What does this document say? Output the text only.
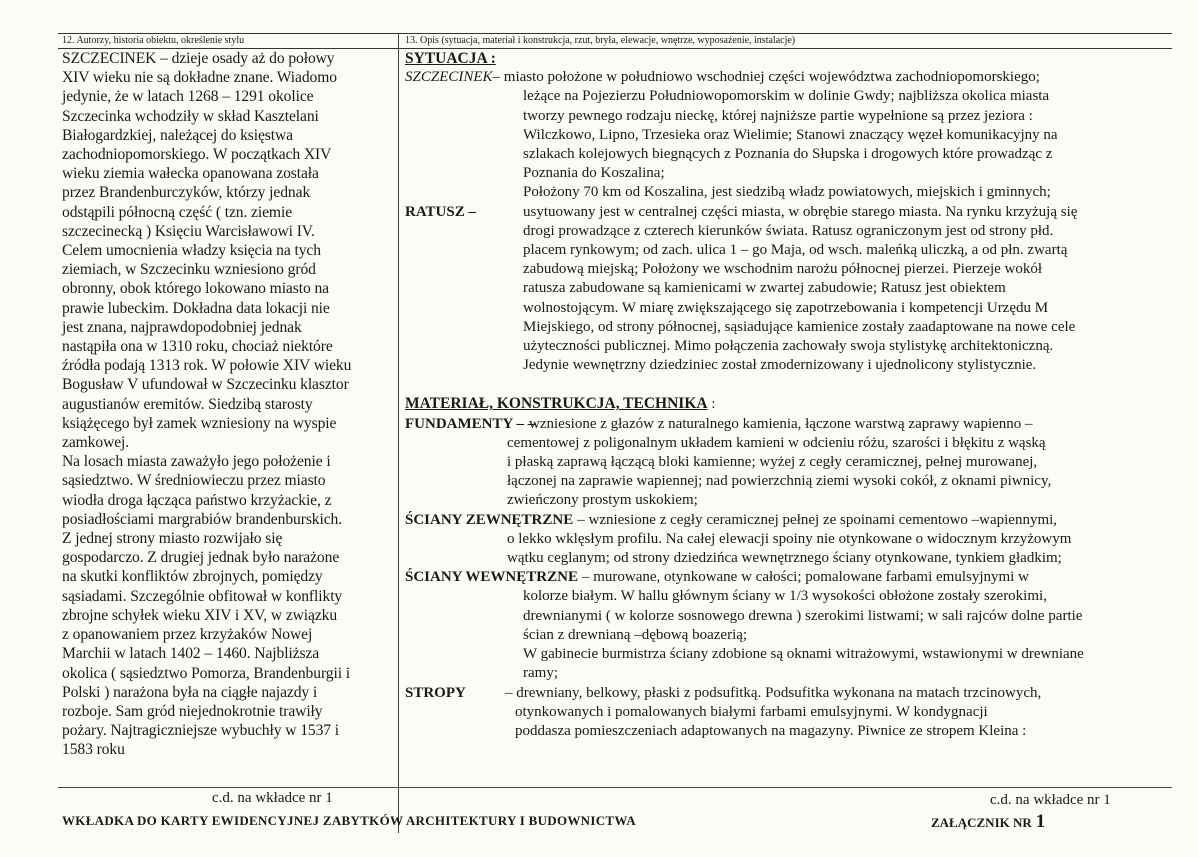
12. Autorzy, historia obiektu, określenie stylu	13. Opis (sytuacja, materiał i konstrukcja, rzut, bryła, elewacje, wnętrze, wyposażenie, instalacje)

SZCZECINEK – dzieje osady aż do połowy

XIV wieku nie są dokładne znane. Wiadomo

jedynie, że w latach 1268 – 1291 okolice

Szczecinka wchodziły w skład Kasztelani

Białogardzkiej, należącej do księstwa

zachodniopomorskiego. W początkach XIV

wieku ziemia wałecka opanowana została

przez Brandenburczyków, którzy jednak

odstąpili północną część ( tzn. ziemie

szczecinecką ) Księciu Warcisławowi IV.

Celem umocnienia władzy księcia na tych

ziemiach, w Szczecinku wzniesiono gród

obronny, obok którego lokowano miasto na

prawie lubeckim. Dokładna data lokacji nie

jest znana, najprawdopodobniej jednak

nastąpiła ona w 1310 roku, chociaż niektóre

źródła podają 1313 rok. W połowie XIV wieku

Bogusław V ufundował w Szczecinku klasztor

augustianów eremitów. Siedzibą starosty

książęcego był zamek wzniesiony na wyspie

zamkowej.

Na losach miasta zaważyło jego położenie i

sąsiedztwo. W średniowieczu przez miasto

wiodła droga łącząca państwo krzyżackie, z

posiadłościami margrabiów brandenburskich.

Z jednej strony miasto rozwijało się

gospodarczo. Z drugiej jednak było narażone

na skutki konfliktów zbrojnych, pomiędzy

sąsiadami. Szczególnie obfitował w konflikty

zbrojne schyłek wieku XIV i XV, w związku

z opanowaniem przez krzyżaków Nowej

Marchii w latach 1402 – 1460. Najbliższa

okolica ( sąsiedztwo Pomorza, Brandenburgii i

Polski ) narażona była na ciągłe najazdy i

rozboje. Sam gród niejednokrotnie trawiły

pożary. Najtragiczniejsze wybuchły w 1537 i

1583 roku

c.d. na wkładce nr 1
SYTUACJA :
SZCZECINEK – miasto położone w południowo wschodniej części województwa zachodniopomorskiego;
leżące na Pojezierzu Południowopomorskim w dolinie Gwdy; najbliższa okolica miasta
tworzy pewnego rodzaju nieckę, której najniższe partie wypełnione są przez jeziora :
Wilczkowo, Lipno, Trzesieka oraz Wielimie; Stanowi znaczący węzeł komunikacyjny na
szlakach kolejowych biegnących z Poznania do Słupska i drogowych które prowadząc z
Poznania do Koszalina;
Położony 70 km od Koszalina, jest siedzibą władz powiatowych, miejskich i gminnych;
RATUSZ –	usytuowany jest w centralnej części miasta, w obrębie starego miasta. Na rynku krzyżują się
drogi prowadzące z czterech kierunków świata. Ratusz ograniczonym jest od strony płd.
placem rynkowym; od zach. ulica 1 – go Maja, od wsch. maleńką uliczką, a od płn. zwartą
zabudową miejską; Położony we wschodnim narożu północnej pierzei. Pierzeje wokół
ratusza zabudowane są kamienicami w zwartej zabudowie; Ratusz jest obiektem
wolnostojącym. W miarę zwiększającego się zapotrzebowania i kompetencji Urzędu M
Miejskiego, od strony północnej, sąsiadujące kamienice zostały zaadaptowane na nowe cele
użyteczności publicznej. Mimo połączenia zachowały swoja stylistykę architektoniczną.
Jedynie wewnętrzny dziedziniec został zmodernizowany i ujednolicony stylistycznie.
MATERIAŁ, KONSTRUKCJA, TECHNIKA :
FUNDAMENTY – –
wzniesione z głazów z naturalnego kamienia, łączone warstwą zaprawy wapienno –
cementowej z poligonalnym układem kamieni w odcieniu różu, szarości i błękitu z wąską
i płaską zaprawą łączącą bloki kamienne; wyżej z cegły ceramicznej, pełnej murowanej,
łączonej na zaprawie wapiennej; nad powierzchnią ziemi wysoki cokół, z oknami piwnicy,
zwieńczony prostym uskokiem;
ŚCIANY ZEWNĘTRZNE – wzniesione z cegły ceramicznej pełnej ze spoinami cementowo –wapiennymi,
o lekko wklęsłym profilu. Na całej elewacji spoiny nie otynkowane o widocznym krzyżowym
wątku ceglanym; od strony dziedzińca wewnętrznego ściany otynkowane, tynkiem gładkim;
ŚCIANY WEWNĘTRZNE – murowane, otynkowane w całości; pomalowane farbami emulsyjnymi w
kolorze białym. W hallu głównym ściany w 1/3 wysokości obłożone zostały szerokimi,
drewnianymi ( w kolorze sosnowego drewna ) szerokimi listwami; w sali rajców dolne partie
ścian z drewnianą –dębową boazerią;
W gabinecie burmistrza ściany zdobione są oknami witrażowymi, wstawionymi w drewniane
ramy;
STROPY	– drewniany, belkowy, płaski z podsufitką. Podsufitka wykonana na matach trzcinowych,
otynkowanych i pomalowanych białymi farbami emulsyjnymi. W kondygnacji
poddasza pomieszczeniach adaptowanych na magazyny. Piwnice ze stropem Kleina :
c.d. na wkładce nr 1
WKŁADKA DO KARTY EWIDENCYJNEJ ZABYTKÓW ARCHITEKTURY I BUDOWNICTWA	ZAŁĄCZNIK NR 1
